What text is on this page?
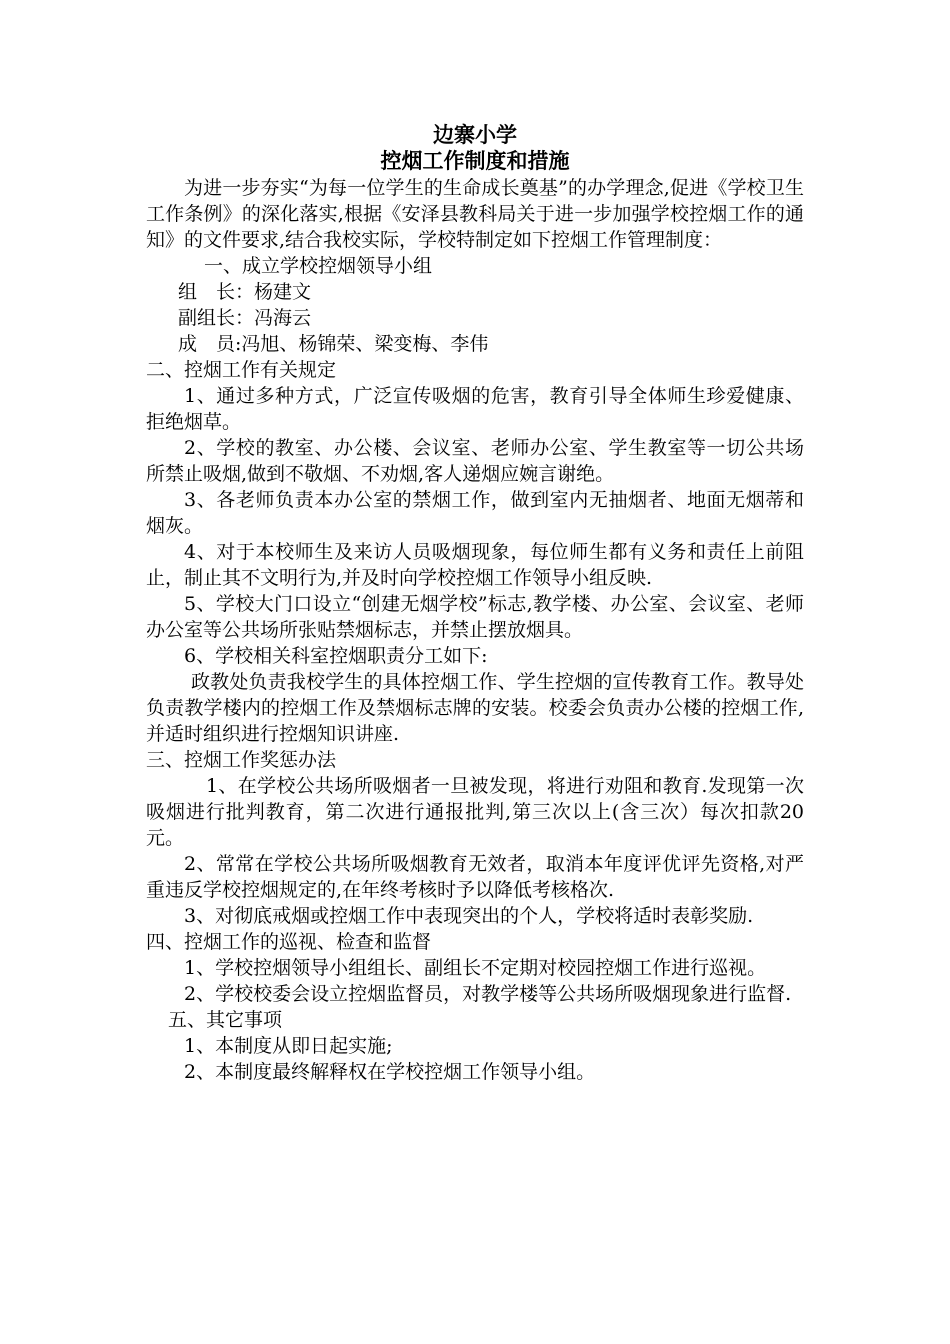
边寨小学
控烟工作制度和措施

为进一步夯实“为每一位学生的生命成长奠基”的办学理念,促进《学校卫生工作条例》的深化落实,根据《安泽县教科局关于进一步加强学校控烟工作的通知》的文件要求,结合我校实际，学校特制定如下控烟工作管理制度：

一、成立学校控烟领导小组

组　长：杨建文

副组长：冯海云

成　员:冯旭、杨锦荣、梁变梅、李伟

二、控烟工作有关规定

1、通过多种方式，广泛宣传吸烟的危害，教育引导全体师生珍爱健康、拒绝烟草。

2、学校的教室、办公楼、会议室、老师办公室、学生教室等一切公共场所禁止吸烟,做到不敬烟、不劝烟,客人递烟应婉言谢绝。

3、各老师负责本办公室的禁烟工作，做到室内无抽烟者、地面无烟蒂和烟灰。

4、对于本校师生及来访人员吸烟现象，每位师生都有义务和责任上前阻止，制止其不文明行为,并及时向学校控烟工作领导小组反映.

5、学校大门口设立“创建无烟学校”标志,教学楼、办公室、会议室、老师办公室等公共场所张贴禁烟标志，并禁止摆放烟具。

6、学校相关科室控烟职责分工如下:

政教处负责我校学生的具体控烟工作、学生控烟的宣传教育工作。教导处负责教学楼内的控烟工作及禁烟标志牌的安装。校委会负责办公楼的控烟工作,并适时组织进行控烟知识讲座.

三、控烟工作奖惩办法

1、在学校公共场所吸烟者一旦被发现，将进行劝阻和教育.发现第一次吸烟进行批判教育，第二次进行通报批判,第三次以上(含三次）每次扣款20元。

2、常常在学校公共场所吸烟教育无效者，取消本年度评优评先资格,对严重违反学校控烟规定的,在年终考核时予以降低考核格次.

3、对彻底戒烟或控烟工作中表现突出的个人，学校将适时表彰奖励.

四、控烟工作的巡视、检查和监督

1、学校控烟领导小组组长、副组长不定期对校园控烟工作进行巡视。

2、学校校委会设立控烟监督员，对教学楼等公共场所吸烟现象进行监督.

五、其它事项

1、本制度从即日起实施;

2、本制度最终解释权在学校控烟工作领导小组。
